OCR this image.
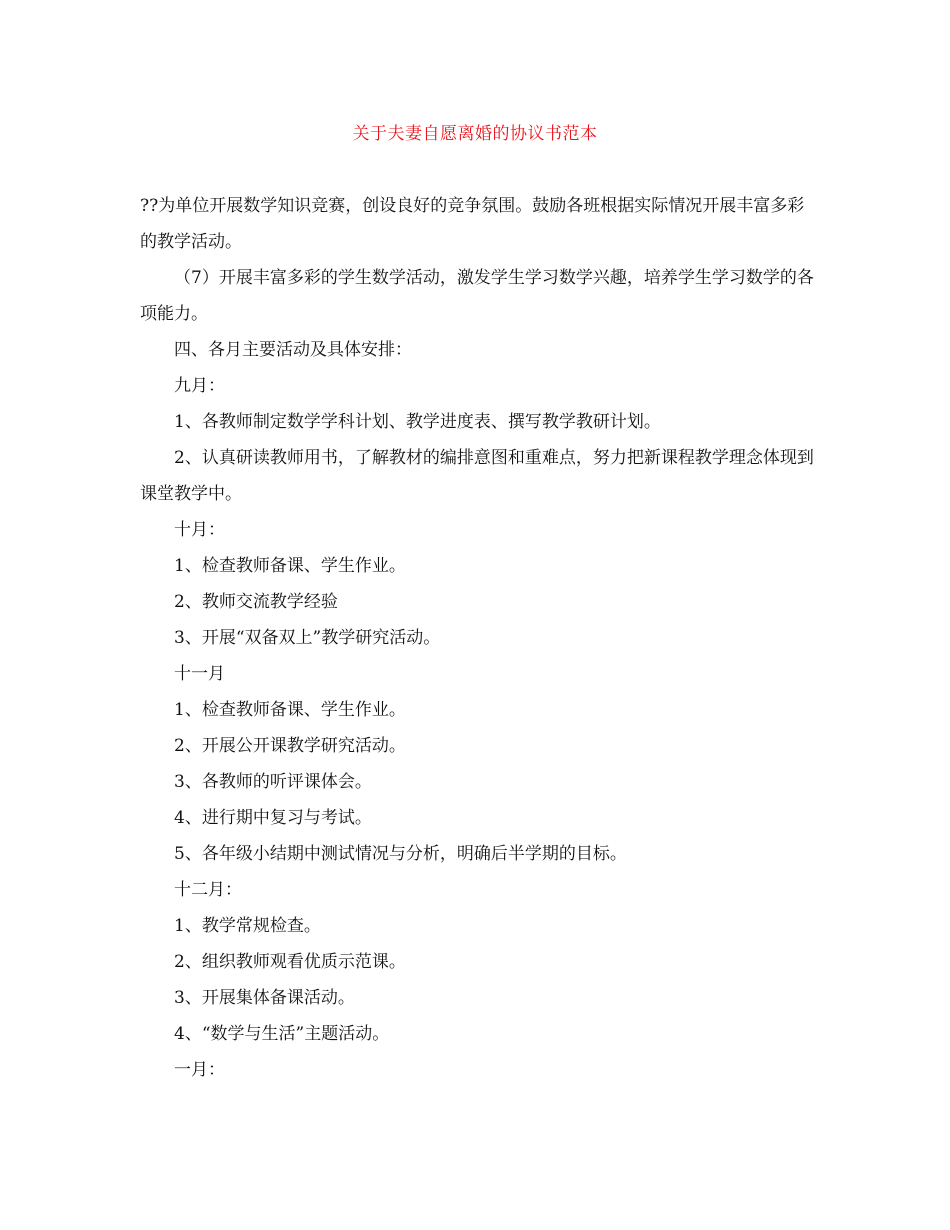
关于夫妻自愿离婚的协议书范本

??为单位开展数学知识竞赛，创设良好的竞争氛围。鼓励各班根据实际情况开展丰富多彩的教学活动。

（7）开展丰富多彩的学生数学活动，激发学生学习数学兴趣，培养学生学习数学的各项能力。

四、各月主要活动及具体安排：

九月：

1、各教师制定数学学科计划、教学进度表、撰写教学教研计划。

2、认真研读教师用书，了解教材的编排意图和重难点，努力把新课程教学理念体现到课堂教学中。

十月：

1、检查教师备课、学生作业。

2、教师交流教学经验

3、开展“双备双上”教学研究活动。

十一月

1、检查教师备课、学生作业。

2、开展公开课教学研究活动。

3、各教师的听评课体会。

4、进行期中复习与考试。

5、各年级小结期中测试情况与分析，明确后半学期的目标。

十二月：

1、教学常规检查。

2、组织教师观看优质示范课。

3、开展集体备课活动。

4、“数学与生活”主题活动。

一月：
